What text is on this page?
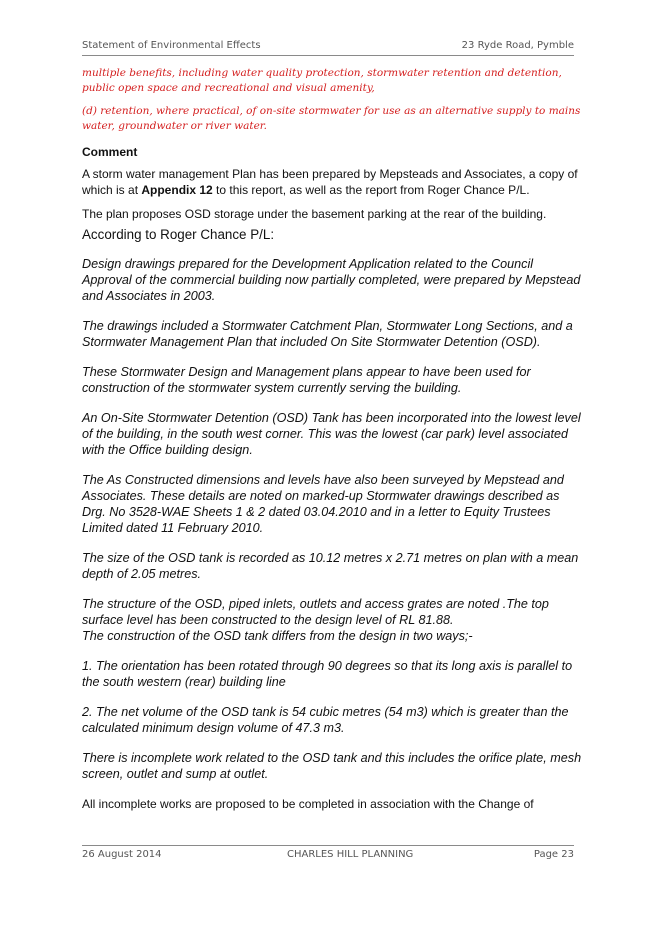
Statement of Environmental Effects	23 Ryde Road, Pymble

multiple benefits, including water quality protection, stormwater retention and detention, public open space and recreational and visual amenity,

(d) retention, where practical, of on-site stormwater for use as an alternative supply to mains water, groundwater or river water.

Comment

A storm water management Plan has been prepared by Mepsteads and Associates, a copy of which is at Appendix 12 to this report, as well as the report from Roger Chance P/L.

The plan proposes OSD storage under the basement parking at the rear of the building.

According to Roger Chance P/L:

Design drawings prepared for the Development Application related to the Council Approval of the commercial building now partially completed, were prepared by Mepstead and Associates in 2003.

The drawings included a Stormwater Catchment Plan, Stormwater Long Sections, and a Stormwater Management Plan that included On Site Stormwater Detention (OSD).

These Stormwater Design and Management plans appear to have been used for construction of the stormwater system currently serving the building.

An On-Site Stormwater Detention (OSD) Tank has been incorporated into the lowest level of the building, in the south west corner. This was the lowest (car park) level associated with the Office building design.

The As Constructed dimensions and levels have also been surveyed by Mepstead and Associates. These details are noted on marked-up Stormwater drawings described as Drg. No 3528-WAE Sheets 1 & 2 dated 03.04.2010 and in a letter to Equity Trustees Limited dated 11 February 2010.

The size of the OSD tank is recorded as 10.12 metres x 2.71 metres on plan with a mean depth of 2.05 metres.

The structure of the OSD, piped inlets, outlets and access grates are noted .The top surface level has been constructed to the design level of RL 81.88.

The construction of the OSD tank differs from the design in two ways;-

1. The orientation has been rotated through 90 degrees so that its long axis is parallel to the south western (rear) building line

2. The net volume of the OSD tank is 54 cubic metres (54 m3) which is greater than the calculated minimum design volume of 47.3 m3.

There is incomplete work related to the OSD tank and this includes the orifice plate, mesh screen, outlet and sump at outlet.

All incomplete works are proposed to be completed in association with the Change of

26 August 2014	CHARLES HILL PLANNING	Page 23
